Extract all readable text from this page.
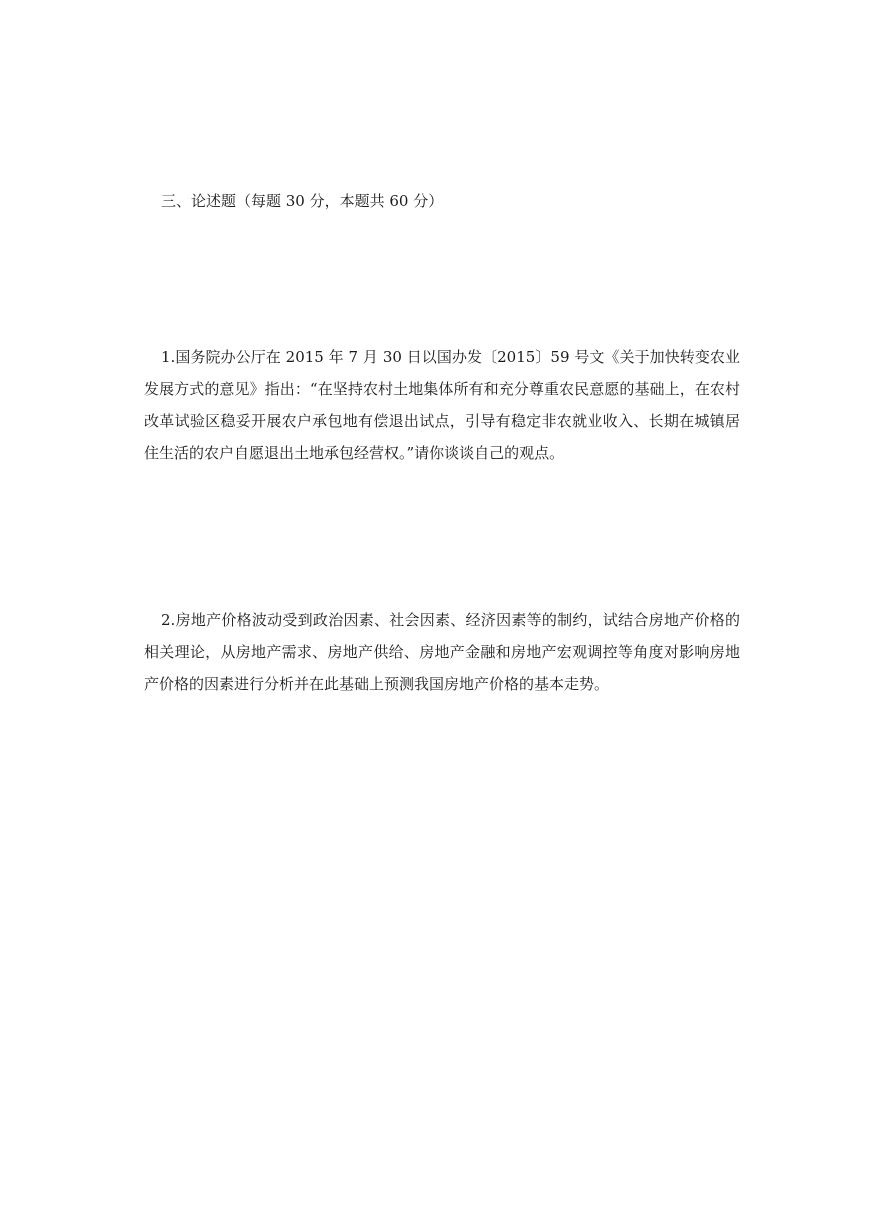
三、论述题（每题 30 分，本题共 60 分）

1.国务院办公厅在 2015 年 7 月 30 日以国办发〔2015〕59 号文《关于加快转变农业发展方式的意见》指出：“在坚持农村土地集体所有和充分尊重农民意愿的基础上，在农村改革试验区稳妥开展农户承包地有偿退出试点，引导有稳定非农就业收入、长期在城镇居住生活的农户自愿退出土地承包经营权。”请你谈谈自己的观点。

2.房地产价格波动受到政治因素、社会因素、经济因素等的制约，试结合房地产价格的相关理论，从房地产需求、房地产供给、房地产金融和房地产宏观调控等角度对影响房地产价格的因素进行分析并在此基础上预测我国房地产价格的基本走势。
